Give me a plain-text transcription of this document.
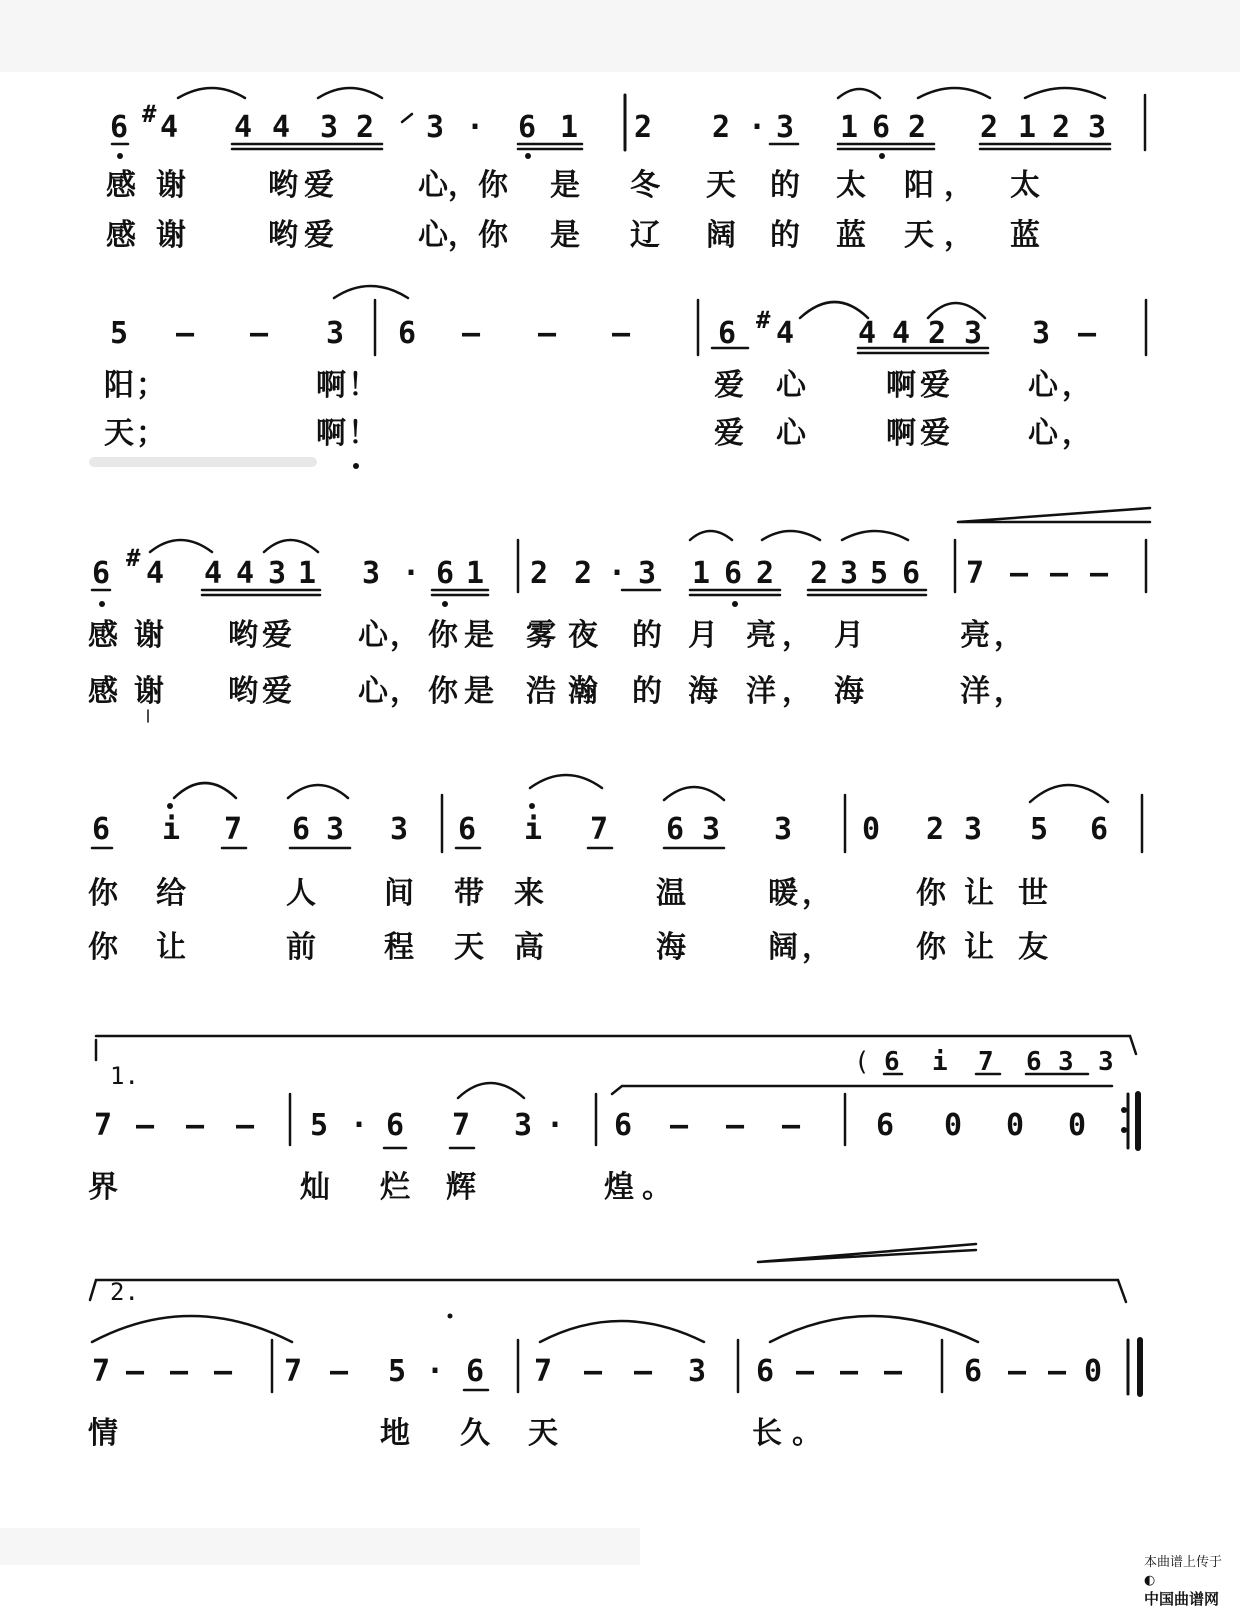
6 # 4 4 4 3 2 3 · 6 1 2 2 · 3 1 6 2 2 1 2 3
感 谢	哟 爱	心 ， 你 是 冬 天 的 太 阳 ， 太
感 谢	哟 爱	心 ， 你 是 辽 阔 的 蓝 天 ， 蓝
5 – – 3 6 – – –	6 # 4 4 4 2 3 3 –
阳 ；	啊 ！	爱 心	啊 爱	心 ，
天 ；	啊 ！	爱 心	啊 爱	心 ，
6 # 4 4 4 3 1 3 · 6 1 2 2 · 3 1 6 2 2 3 5 6 7 – – –
感 谢 哟 爱 心 ， 你 是 雾 夜 的 月 亮 ， 月	亮 ，
感 谢 哟 爱 心 ， 你 是 浩 瀚 的 海 洋 ， 海	洋 ，
6 i 7 6 3 3 6 i 7 6 3 3 0 2 3 5 6
你 给	人 间 带 来	温	暖 ，	你 让 世
你 让	前 程 天 高	海	阔 ，	你 让 友
1.	( 6 i 7 6 3 3
7 – – – 5 · 6 7 3 · 6 – – –	6 0 0 0
界	灿 烂 辉	煌 。
2.
7 – – – 7 – 5 · 6 7 – – 3 6 – – – 6 – – 0
情	地 久 天	长 。

本曲谱上传于
◐
中国曲谱网
